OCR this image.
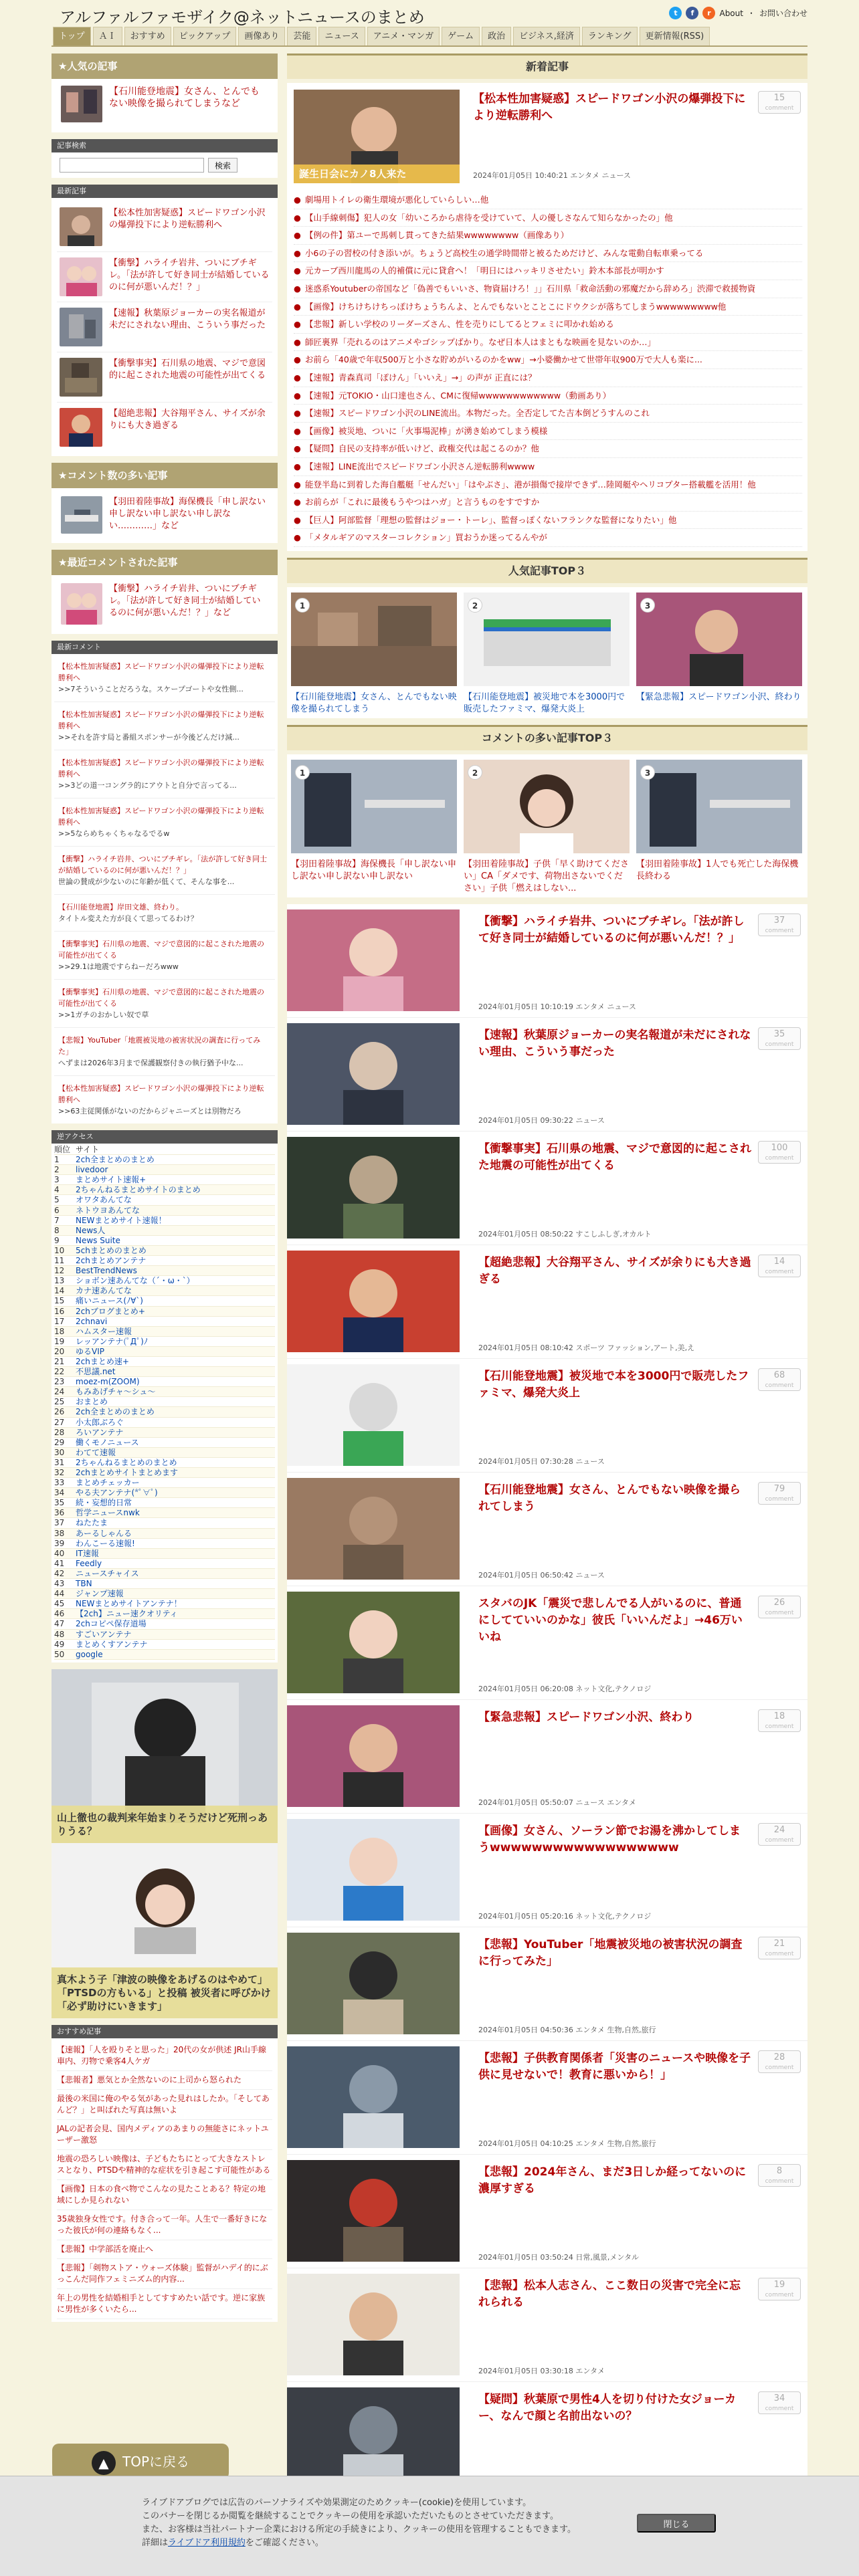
アルファルファモザイク@ネットニュースのまとめ	t	f	r	About ・ お問い合わせ
トップ	ＡＩ	おすすめ	ピックアップ	画像あり	芸能	ニュース	アニメ・マンガ	ゲーム	政治	ビジネス,経済	ランキング	更新情報(RSS)
★人気の記事
【石川能登地震】女さん、とんでもない映像を撮られてしまうなど
記事検索
検索
最新記事
【松本性加害疑惑】スピードワゴン小沢の爆弾投下により逆転勝利へ
【衝撃】ハライチ岩井、ついにブチギレ。「法が許して好き同士が結婚しているのに何が悪いんだ！？」
【速報】秋葉原ジョーカーの実名報道が未だにされない理由、こういう事だった
【衝撃事実】石川県の地震、マジで意図的に起こされた地震の可能性が出てくる
【超絶悲報】大谷翔平さん、サイズが余りにも大き過ぎる
★コメント数の多い記事
【羽田着陸事故】海保機長「申し訳ない申し訳ない申し訳ない申し訳ない…………」など
★最近コメントされた記事
【衝撃】ハライチ岩井、ついにブチギレ。「法が許して好き同士が結婚しているのに何が悪いんだ！？」など
最新コメント
【松本性加害疑惑】スピードワゴン小沢の爆弾投下により逆転勝利へ
>>7そういうことだろうな。スケープゴートや女性側...
【松本性加害疑惑】スピードワゴン小沢の爆弾投下により逆転勝利へ
>>それを許す局と番組スポンサーが今後どんだけ減...
【松本性加害疑惑】スピードワゴン小沢の爆弾投下により逆転勝利へ
>>3どの道一コングラ的にアウトと自分で言ってる...
【松本性加害疑惑】スピードワゴン小沢の爆弾投下により逆転勝利へ
>>5ならめちゃくちゃなるでるw
【衝撃】ハライチ岩井、ついにブチギレ。「法が許して好き同士が結婚しているのに何が悪いんだ！？」
世論の賛成が少ないのに年齢が低くて、そんな事を...
【石川能登地震】岸田文雄、終わり。
タイトル変えた方が良くて思ってるわけ？
【衝撃事実】石川県の地震、マジで意図的に起こされた地震の可能性が出てくる
>>29.1は地震ですらねーだろwww
【衝撃事実】石川県の地震、マジで意図的に起こされた地震の可能性が出てくる
>>1ガチのおかしい奴で草
【悲報】YouTuber「地震被災地の被害状況の調査に行ってみた」
へずまは2026年3月まで保護観察付きの執行猶予中な...
【松本性加害疑惑】スピードワゴン小沢の爆弾投下により逆転勝利へ
>>63主従関係がないのだからジャニーズとは別物だろ
逆アクセス
順位 サイト
1	2ch全まとめのまとめ
2	livedoor
3	まとめサイト速報+
4	2ちゃんねるまとめサイトのまとめ
5	オワタあんてな
6	ネトウヨあんてな
7	NEWまとめサイト速報！
8	News人
9	News Suite
10	5chまとめのまとめ
11	2chまとめアンテナ
12	BestTrendNews
13	ショボン速あんてな（´・ω・`）
14	カナ速あんてな
15	痛いニュース(ﾉ∀`)
16	2chブログまとめ+
17	2chnavi
18	ハムスター速報
19	レッアンテナ(ﾟДﾟ)ﾉ
20	ゆるVIP
21	2chまとめ速+
22	不思議.net
23	moez-m(ZOOM)
24	もみあげチャ～シュ～
25	おまとめ
26	2ch全まとめのまとめ
27	小太郎ぶろぐ
28	ろいアンテナ
29	働くモノニュース
30	わてて速報
31	2ちゃんねるまとめのまとめ
32	2chまとめサイトまとめます
33	まとめチェッカー
34	やる夫アンテナ(*ﾟ∀ﾟ)
35	続・妄想的日常
36	哲学ニュースnwk
37	ねたたま
38	あーるしゃんる
39	わんこーる速報!
40	IT速報
41	Feedly
42	ニュースチャイス
43	TBN
44	ジャンプ速報
45	NEWまとめサイトアンテナ！
46	【2ch】ニュー速クオリティ
47	2chコピペ保存道場
48	すごいアンテナ
49	まとめくすアンテナ
50	google
山上徹也の裁判来年始まりそうだけど死刑っありうる？
真木よう子「津波の映像をあげるのはやめて」「PTSDの方もいる」と投稿 被災者に呼びかけ「必ず助けにいきます」
おすすめ記事
【速報】「人を殴りそと思った」20代の女が供述 JR山手線車内、刃物で乗客4人ケガ
【悲報者】悪気とか全然ないのに上司から怒られた
最後の米国に俺のやる気があった見れはしたか。「そしてあんど？」と叫ばれた写真は無いよ
JALの記者会見、国内メディアのあまりの無能さにネットユーザー激怒
地震の恐ろしい映像は、子どもたちにとって大きなストレスとなり、PTSDや精神的な症状を引き起こす可能性がある
【画像】日本の食べ物でこんなの見たことある？特定の地域にしか見られない
35歳独身女性です。付き合って一年。人生で一番好きになった彼氏が何の連絡もなく...
【悲報】中学部活を廃止へ
【悲報】「剣物ストア・ウォーズ体験」監督がハデイ的にぶっこんだ同作フェミニズム的内容...
年上の男性を結婚相手としてすすめたい話です。逆に家族に男性が多くいたら...
新着記事
誕生日会にカノ8人来た
【松本性加害疑惑】スピードワゴン小沢の爆弾投下により逆転勝利へ
15
comment
2024年01月05日 10:40:21 エンタメ ニュース
● 劇場用トイレの衛生環境が悪化していらしい…他
● 【山手線刺傷】犯人の女「幼いころから虐待を受けていて、人の優しさなんて知らなかったの」他
● 【例の件】第ユーで馬刺し貫ってきた結果wwwwwwww（画像あり）
● 小6の子の習校の付き添いが。ちょうど高校生の通学時間帯と被るためだけど、みんな電動自転車乗ってる
● 元カーブ西川龍馬の人的補償に元に貸倉へ！「明日にはハッキリさせたい」鈴木本部長が明かす
● 迷惑系Youtuberの帝国など「偽善でもいいさ、物資届けろ！」」石川県「救命活動の邪魔だから辞めろ」渋滞で救援物資
● 【画像】けちけちけちっぽけちょうちんよ、とんでもないとことこにドウクシが落ちてしまうwwwwwwwww他
● 【悲報】新しい学校のリーダーズさん、性を売りにしてるとフェミに叩かれ始める
● 師匠裏界「売れるのはアニメやゴシップばかり。なぜ日本人はまともな映画を見ないのか…」
● お前ら「40歳で年収500万と小さな貯めがいるのかをww」→小婆働かせて世帯年収900万で大人も楽に...
● 【速報】青森真司「ぽけん」「いいえ」→」の声が 正直には？
● 【速報】元TOKIO・山口達也さん、CMに復帰wwwwwwwwwwww（動画あり）
● 【速報】スピードワゴン小沢のLINE流出。本物だった。全否定してた吉本倒どうすんのこれ
● 【画像】被災地、ついに「火事場泥棒」が湧き始めてしまう模様
● 【疑問】自民の支持率が低いけど、政権交代は起こるのか？他
● 【速報】LINE流出でスピードワゴン小沢さん逆転勝利wwww
● 能登半島に到着した海自艦艇「せんだい」「はやぶさ」、港が損傷で接岸できず…陸岡艇やヘリコプター搭載艦を活用！他
● お前らが「これに最後もうやつはハガ」と言うものをすですか
● 【巨人】阿部監督「理想の監督はジョー・トーレ」、監督っぽくないフランクな監督になりたい」他
● 「メタルギアのマスターコレクション」買おうか迷ってるんやが
人気記事TOP３
1
【石川能登地震】女さん、とんでもない映像を撮られてしまう
2
【石川能登地震】被災地で本を3000円で販売したファミマ、爆発大炎上
3
【緊急悲報】スピードワゴン小沢、終わり
コメントの多い記事TOP３
1
【羽田着陸事故】海保機長「申し訳ない申し訳ない申し訳ない申し訳ない
2
【羽田着陸事故】子供「早く助けてください」CA「ダメです、荷物出さないでください」子供「燃えはしない...
3
【羽田着陸事故】1人でも死亡した海保機長終わる
【衝撃】ハライチ岩井、ついにブチギレ。「法が許して好き同士が結婚しているのに何が悪いんだ！？」
37
comment
2024年01月05日 10:10:19 エンタメ ニュース
【速報】秋葉原ジョーカーの実名報道が未だにされない理由、こういう事だった
35
comment
2024年01月05日 09:30:22 ニュース
【衝撃事実】石川県の地震、マジで意図的に起こされた地震の可能性が出てくる
100
comment
2024年01月05日 08:50:22 すこしふしぎ,オカルト
【超絶悲報】大谷翔平さん、サイズが余りにも大き過ぎる
14
comment
2024年01月05日 08:10:42 スポーツ ファッション,アート,美,え
【石川能登地震】被災地で本を3000円で販売したファミマ、爆発大炎上
68
comment
2024年01月05日 07:30:28 ニュース
【石川能登地震】女さん、とんでもない映像を撮られてしまう
79
comment
2024年01月05日 06:50:42 ニュース
スタバのJK「震災で悲しんでる人がいるのに、普通にしてていいのかな」彼氏「いいんだよ」→46万いいね
26
comment
2024年01月05日 06:20:08 ネット文化,テクノロジ
【緊急悲報】スピードワゴン小沢、終わり	18
comment
2024年01月05日 05:50:07 ニュース エンタメ
【画像】女さん、ソーラン節でお湯を沸かしてしまうwwwwwwwwwwwwwwwwww
24
comment
2024年01月05日 05:20:16 ネット文化,テクノロジ
【悲報】YouTuber「地震被災地の被害状況の調査に行ってみた」
21
comment
2024年01月05日 04:50:36 エンタメ 生物,自然,旅行
【悲報】子供教育関係者「災害のニュースや映像を子供に見せないで！教育に悪いから！」
28
comment
2024年01月05日 04:10:25 エンタメ 生物,自然,旅行
【悲報】2024年さん、まだ3日しか経ってないのに濃厚すぎる
8
comment
2024年01月05日 03:50:24 日常,風景,メンタル
【悲報】松本人志さん、ここ数日の災害で完全に忘れられる
19
comment
2024年01月05日 03:30:18 エンタメ
【疑問】秋葉原で男性4人を切り付けた女ジョーカー、なんで顔と名前出ないの？
34
comment
▲ TOPに戻る
ライブドアブログでは広告のパーソナライズや効果測定のためクッキー(cookie)を使用しています。
このバナーを閉じるか閲覧を継続することでクッキーの使用を承認いただいたものとさせていただきます。
また、お客様は当社パートナー企業における所定の手続きにより、クッキーの使用を管理することもできます。
詳細はライブドア利用規約をご確認ください。
閉じる
